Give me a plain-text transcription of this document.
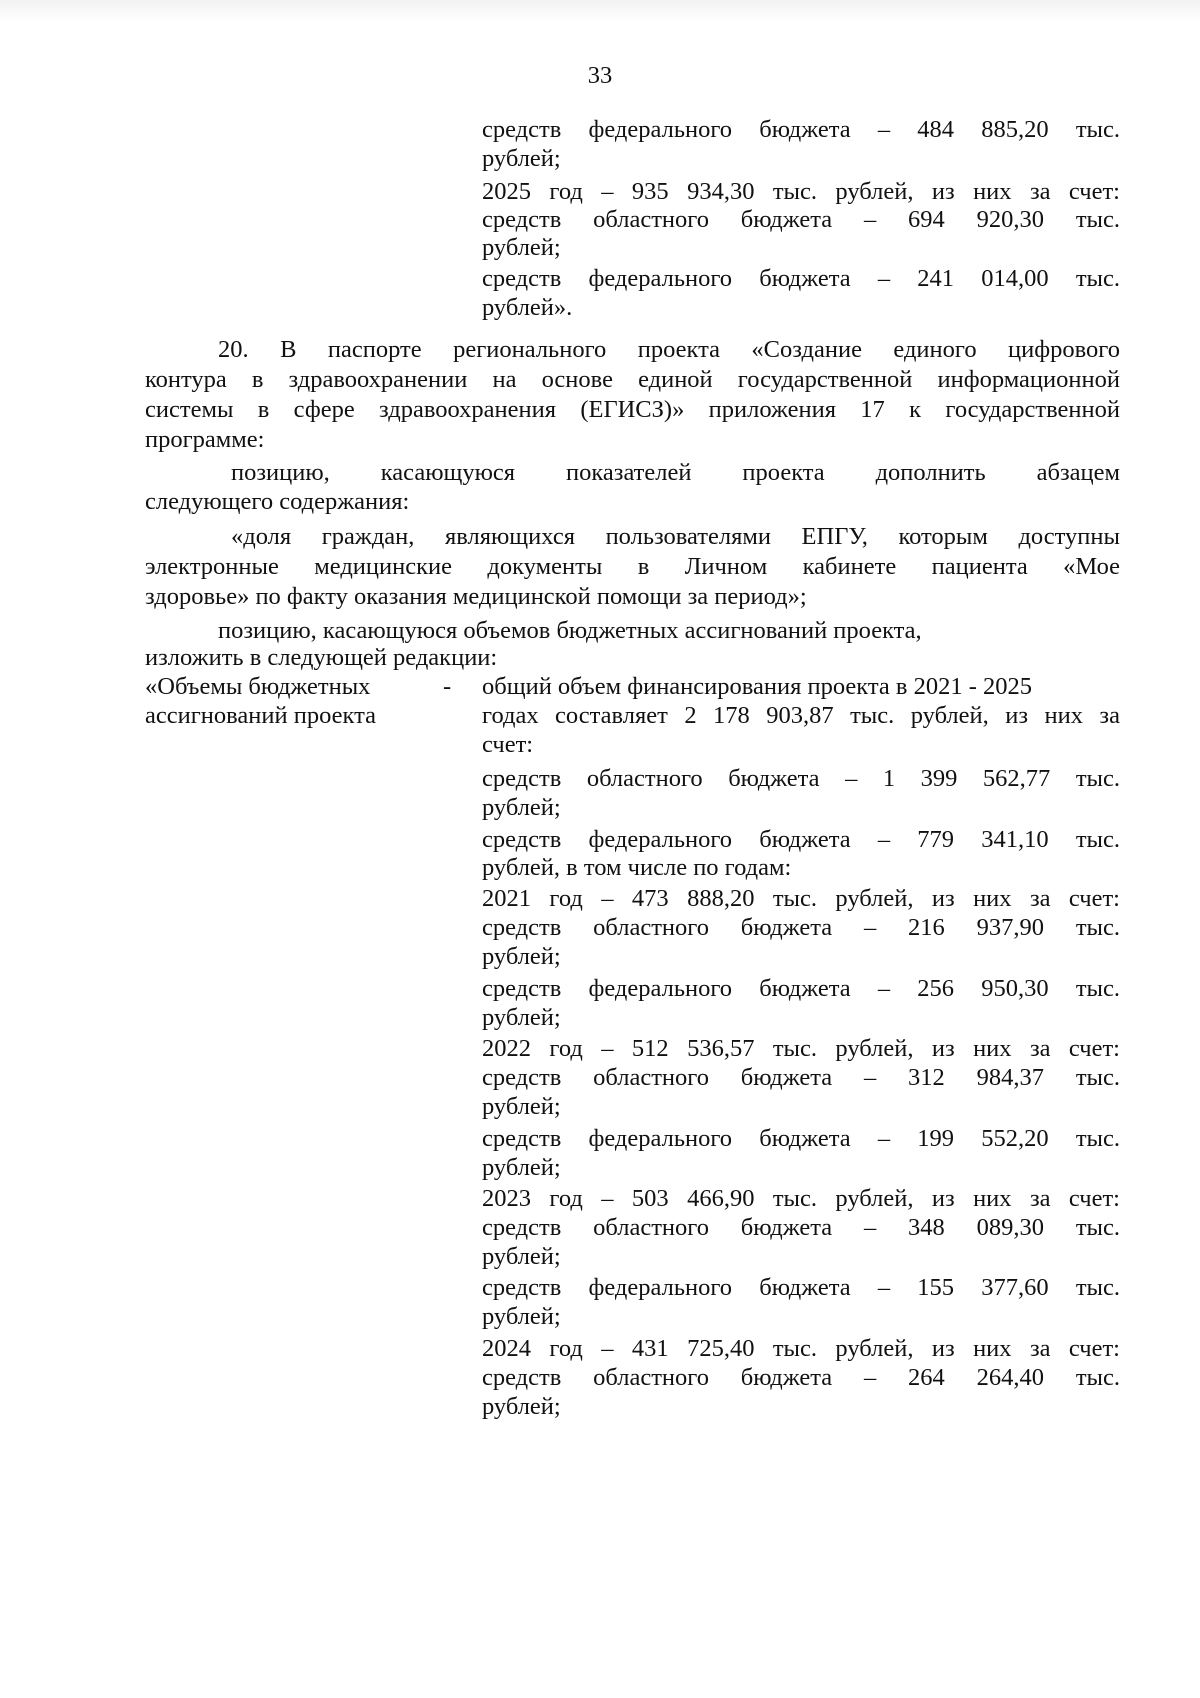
33
средств федерального бюджета – 484 885,20 тыс.
рублей;
2025 год – 935 934,30 тыс. рублей, из них за счет:
средств областного бюджета – 694 920,30 тыс.
рублей;
средств федерального бюджета – 241 014,00 тыс.
рублей».
20. В паспорте регионального проекта «Создание единого цифрового
контура в здравоохранении на основе единой государственной информационной
системы в сфере здравоохранения (ЕГИСЗ)» приложения 17 к государственной
программе:
позицию, касающуюся показателей проекта дополнить абзацем
следующего содержания:
«доля граждан, являющихся пользователями ЕПГУ, которым доступны
электронные медицинские документы в Личном кабинете пациента «Мое
здоровье» по факту оказания медицинской помощи за период»;
позицию, касающуюся объемов бюджетных ассигнований проекта,
изложить в следующей редакции:
«Объемы бюджетных	- общий объем финансирования проекта в 2021 - 2025
ассигнований проекта	годах составляет 2 178 903,87 тыс. рублей, из них за
счет:
средств областного бюджета – 1 399 562,77 тыс.
рублей;
средств федерального бюджета – 779 341,10 тыс.
рублей, в том числе по годам:
2021 год – 473 888,20 тыс. рублей, из них за счет:
средств областного бюджета – 216 937,90 тыс.
рублей;
средств федерального бюджета – 256 950,30 тыс.
рублей;
2022 год – 512 536,57 тыс. рублей, из них за счет:
средств областного бюджета – 312 984,37 тыс.
рублей;
средств федерального бюджета – 199 552,20 тыс.
рублей;
2023 год – 503 466,90 тыс. рублей, из них за счет:
средств областного бюджета – 348 089,30 тыс.
рублей;
средств федерального бюджета – 155 377,60 тыс.
рублей;
2024 год – 431 725,40 тыс. рублей, из них за счет:
средств областного бюджета – 264 264,40 тыс.
рублей;
